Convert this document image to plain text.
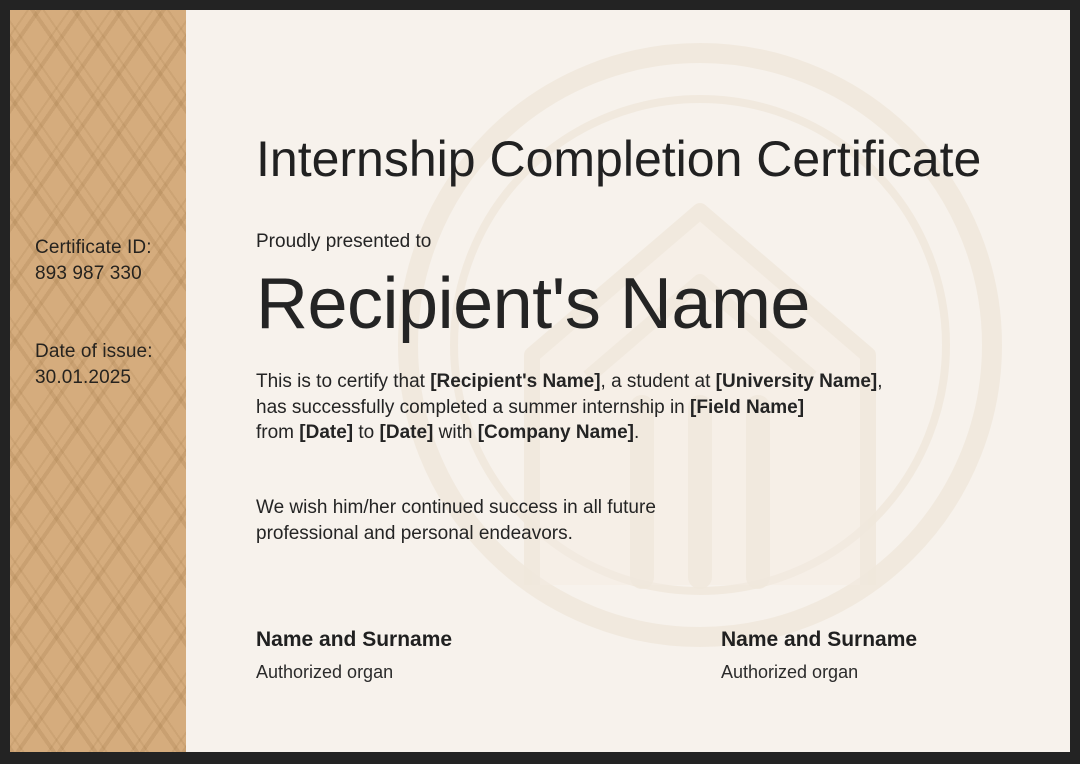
Certificate ID:
893 987 330
Date of issue:
30.01.2025
Internship Completion Certificate
Proudly presented to
Recipient's Name
This is to certify that [Recipient's Name], a student at [University Name],
has successfully completed a summer internship in [Field Name]
from [Date] to [Date] with [Company Name].
We wish him/her continued success in all future
professional and personal endeavors.
Name and Surname
Authorized organ
Name and Surname
Authorized organ
